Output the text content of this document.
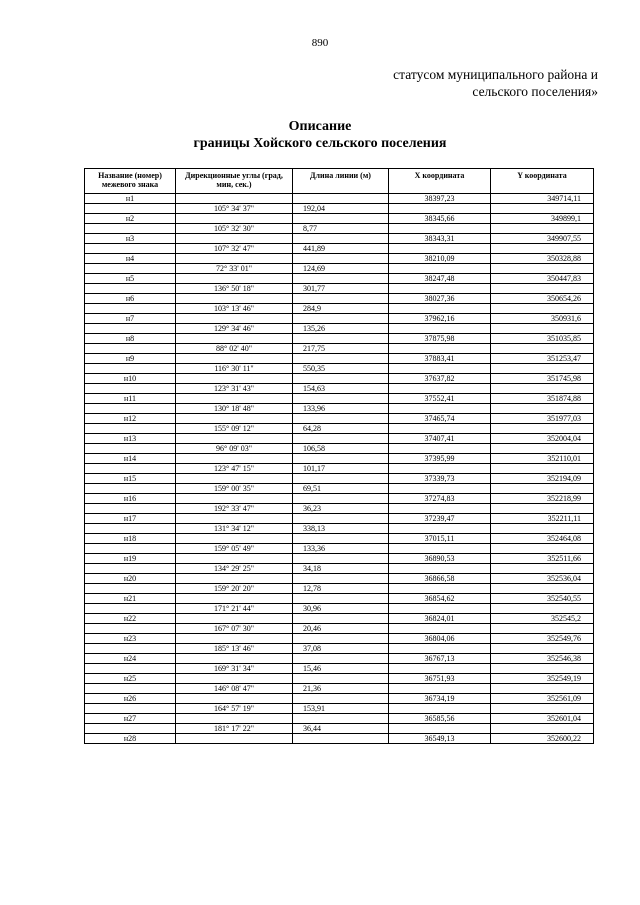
890
статусом муниципального района и
сельского поселения»
Описание
границы Хойского сельского поселения
Название (номер) межевого знака	Дирекционные углы (град, мин, сек.)	Длина линии (м)	X координата	Y координата
н1			38397,23	349714,11
	105° 34' 37"	192,04		
н2			38345,66	349899,1
	105° 32' 30"	8,77		
н3			38343,31	349907,55
	107° 32' 47"	441,89		
н4			38210,09	350328,88
	72° 33' 01"	124,69		
н5			38247,48	350447,83
	136° 50' 18"	301,77		
н6			38027,36	350654,26
	103° 13' 46"	284,9		
н7			37962,16	350931,6
	129° 34' 46"	135,26		
н8			37875,98	351035,85
	88° 02' 40"	217,75		
н9			37883,41	351253,47
	116° 30' 11"	550,35		
н10			37637,82	351745,98
	123° 31' 43"	154,63		
н11			37552,41	351874,88
	130° 18' 48"	133,96		
н12			37465,74	351977,03
	155° 09' 12"	64,28		
н13			37407,41	352004,04
	96° 09' 03"	106,58		
н14			37395,99	352110,01
	123° 47' 15"	101,17		
н15			37339,73	352194,09
	159° 00' 35"	69,51		
н16			37274,83	352218,99
	192° 33' 47"	36,23		
н17			37239,47	352211,11
	131° 34' 12"	338,13		
н18			37015,11	352464,08
	159° 05' 49"	133,36		
н19			36890,53	352511,66
	134° 29' 25"	34,18		
н20			36866,58	352536,04
	159° 20' 20"	12,78		
н21			36854,62	352540,55
	171° 21' 44"	30,96		
н22			36824,01	352545,2
	167° 07' 30"	20,46		
н23			36804,06	352549,76
	185° 13' 46"	37,08		
н24			36767,13	352546,38
	169° 31' 34"	15,46		
н25			36751,93	352549,19
	146° 08' 47"	21,36		
н26			36734,19	352561,09
	164° 57' 19"	153,91		
н27			36585,56	352601,04
	181° 17' 22"	36,44		
н28			36549,13	352600,22
